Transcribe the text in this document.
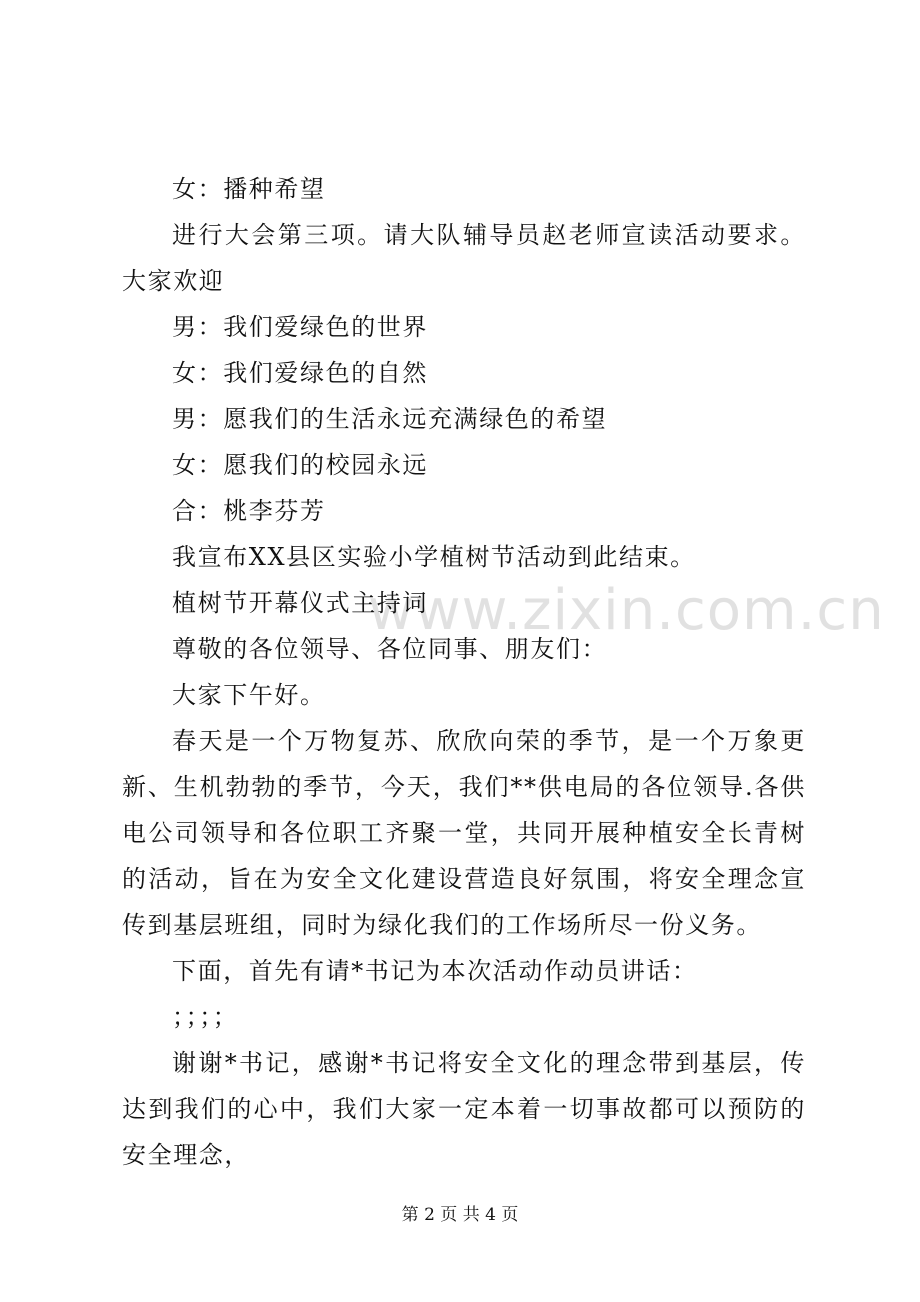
www.zixin.com.cn

女：播种希望

进行大会第三项。请大队辅导员赵老师宣读活动要求。大家欢迎

男：我们爱绿色的世界

女：我们爱绿色的自然

男：愿我们的生活永远充满绿色的希望

女：愿我们的校园永远

合：桃李芬芳

我宣布XX县区实验小学植树节活动到此结束。

植树节开幕仪式主持词

尊敬的各位领导、各位同事、朋友们：

大家下午好。

春天是一个万物复苏、欣欣向荣的季节，是一个万象更新、生机勃勃的季节，今天，我们**供电局的各位领导.各供电公司领导和各位职工齐聚一堂，共同开展种植安全长青树的活动，旨在为安全文化建设营造良好氛围，将安全理念宣传到基层班组，同时为绿化我们的工作场所尽一份义务。

下面，首先有请*书记为本次活动作动员讲话：

；；；；

谢谢*书记，感谢*书记将安全文化的理念带到基层，传达到我们的心中，我们大家一定本着一切事故都可以预防的安全理念，

第 2 页 共 4 页
